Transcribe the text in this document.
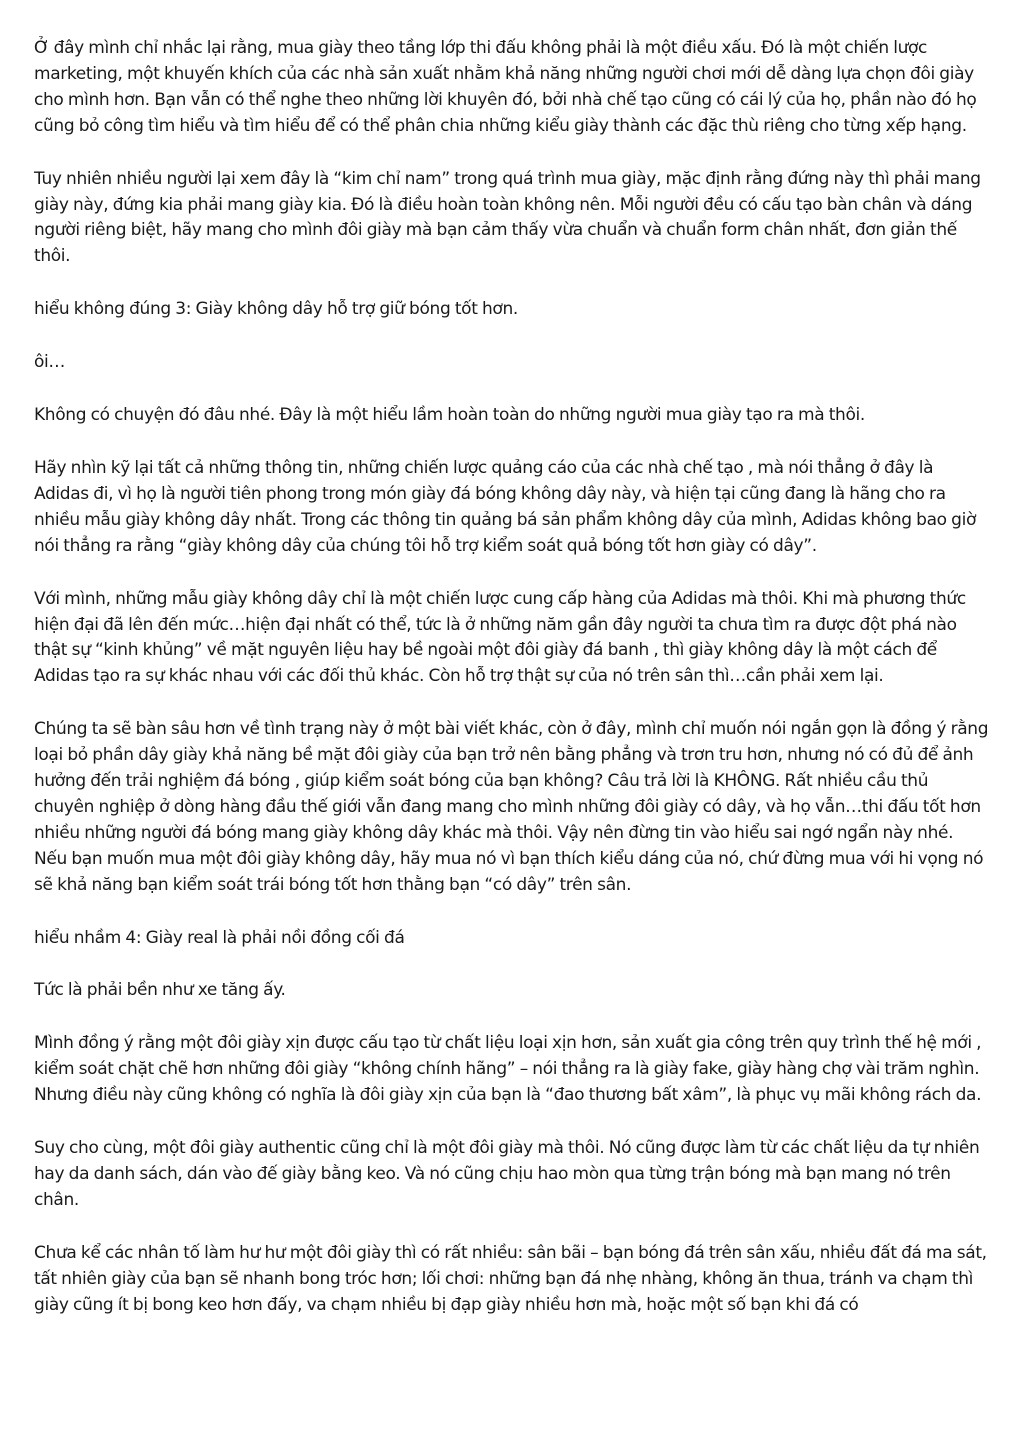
Ở đây mình chỉ nhắc lại rằng, mua giày theo tầng lớp thi đấu không phải là một điều xấu. Đó là một chiến lược marketing, một khuyến khích của các nhà sản xuất nhằm khả năng những người chơi mới dễ dàng lựa chọn đôi giày cho mình hơn. Bạn vẫn có thể nghe theo những lời khuyên đó, bởi nhà chế tạo cũng có cái lý của họ, phần nào đó họ cũng bỏ công tìm hiểu và tìm hiểu để có thể phân chia những kiểu giày thành các đặc thù riêng cho từng xếp hạng.

Tuy nhiên nhiều người lại xem đây là “kim chỉ nam” trong quá trình mua giày, mặc định rằng đứng này thì phải mang giày này, đứng kia phải mang giày kia. Đó là điều hoàn toàn không nên. Mỗi người đều có cấu tạo bàn chân và dáng người riêng biệt, hãy mang cho mình đôi giày mà bạn cảm thấy vừa chuẩn và chuẩn form chân nhất, đơn giản thế thôi.

hiểu không đúng 3: Giày không dây hỗ trợ giữ bóng tốt hơn.

ôi…

Không có chuyện đó đâu nhé. Đây là một hiểu lầm hoàn toàn do những người mua giày tạo ra mà thôi.

Hãy nhìn kỹ lại tất cả những thông tin, những chiến lược quảng cáo của các nhà chế tạo , mà nói thẳng ở đây là Adidas đi, vì họ là người tiên phong trong món giày đá bóng không dây này, và hiện tại cũng đang là hãng cho ra nhiều mẫu giày không dây nhất. Trong các thông tin quảng bá sản phẩm không dây của mình, Adidas không bao giờ nói thẳng ra rằng “giày không dây của chúng tôi hỗ trợ kiểm soát quả bóng tốt hơn giày có dây”.

Với mình, những mẫu giày không dây chỉ là một chiến lược cung cấp hàng của Adidas mà thôi. Khi mà phương thức hiện đại đã lên đến mức…hiện đại nhất có thể, tức là ở những năm gần đây người ta chưa tìm ra được đột phá nào thật sự “kinh khủng” về mặt nguyên liệu hay bề ngoài một đôi giày đá banh , thì giày không dây là một cách để Adidas tạo ra sự khác nhau với các đối thủ khác. Còn hỗ trợ thật sự của nó trên sân thì…cần phải xem lại.

Chúng ta sẽ bàn sâu hơn về tình trạng này ở một bài viết khác, còn ở đây, mình chỉ muốn nói ngắn gọn là đồng ý rằng loại bỏ phần dây giày khả năng bề mặt đôi giày của bạn trở nên bằng phẳng và trơn tru hơn, nhưng nó có đủ để ảnh hưởng đến trải nghiệm đá bóng , giúp kiểm soát bóng của bạn không? Câu trả lời là KHÔNG. Rất nhiều cầu thủ chuyên nghiệp ở dòng hàng đầu thế giới vẫn đang mang cho mình những đôi giày có dây, và họ vẫn…thi đấu tốt hơn nhiều những người đá bóng mang giày không dây khác mà thôi. Vậy nên đừng tin vào hiểu sai ngớ ngẩn này nhé. Nếu bạn muốn mua một đôi giày không dây, hãy mua nó vì bạn thích kiểu dáng của nó, chứ đừng mua với hi vọng nó sẽ khả năng bạn kiểm soát trái bóng tốt hơn thằng bạn “có dây” trên sân.

hiểu nhầm 4: Giày real là phải nồi đồng cối đá

Tức là phải bền như xe tăng ấy.

Mình đồng ý rằng một đôi giày xịn được cấu tạo từ chất liệu loại xịn hơn, sản xuất gia công trên quy trình thế hệ mới , kiểm soát chặt chẽ hơn những đôi giày “không chính hãng” – nói thẳng ra là giày fake, giày hàng chợ vài trăm nghìn. Nhưng điều này cũng không có nghĩa là đôi giày xịn của bạn là “đao thương bất xâm”, là phục vụ mãi không rách da.

Suy cho cùng, một đôi giày authentic cũng chỉ là một đôi giày mà thôi. Nó cũng được làm từ các chất liệu da tự nhiên hay da danh sách, dán vào đế giày bằng keo. Và nó cũng chịu hao mòn qua từng trận bóng mà bạn mang nó trên chân.

Chưa kể các nhân tố làm hư hư một đôi giày thì có rất nhiều: sân bãi – bạn bóng đá trên sân xấu, nhiều đất đá ma sát, tất nhiên giày của bạn sẽ nhanh bong tróc hơn; lối chơi: những bạn đá nhẹ nhàng, không ăn thua, tránh va chạm thì giày cũng ít bị bong keo hơn đấy, va chạm nhiều bị đạp giày nhiều hơn mà, hoặc một số bạn khi đá có
